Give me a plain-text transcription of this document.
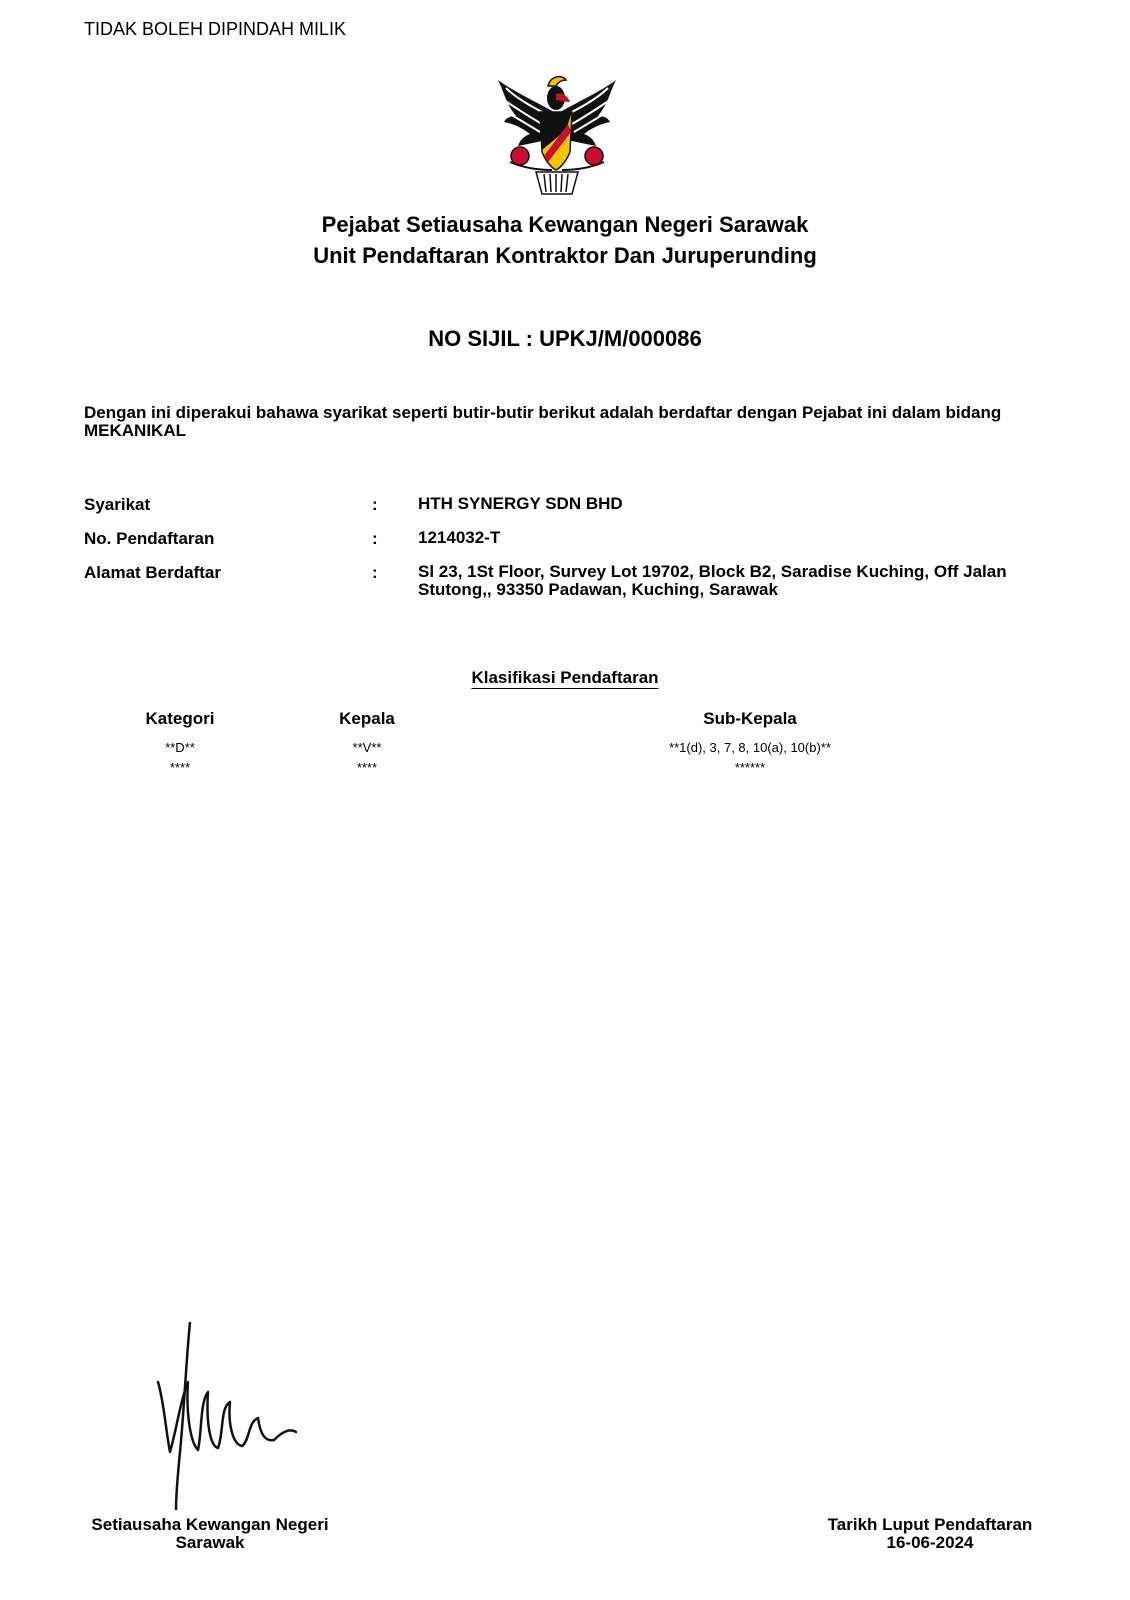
TIDAK BOLEH DIPINDAH MILIK
Pejabat Setiausaha Kewangan Negeri Sarawak
Unit Pendaftaran Kontraktor Dan Juruperunding
NO SIJIL : UPKJ/M/000086
Dengan ini diperakui bahawa syarikat seperti butir-butir berikut adalah berdaftar dengan Pejabat ini dalam bidang MEKANIKAL
Syarikat	: HTH SYNERGY SDN BHD
No. Pendaftaran	: 1214032-T
Alamat Berdaftar	: Sl 23, 1St Floor, Survey Lot 19702, Block B2, Saradise Kuching, Off Jalan Stutong,, 93350 Padawan, Kuching, Sarawak
Klasifikasi Pendaftaran
Kategori	Kepala	Sub-Kepala
**D**	**V**	**1(d), 3, 7, 8, 10(a), 10(b)**
****	****	******
Setiausaha Kewangan Negeri
Sarawak
Tarikh Luput Pendaftaran
16-06-2024
